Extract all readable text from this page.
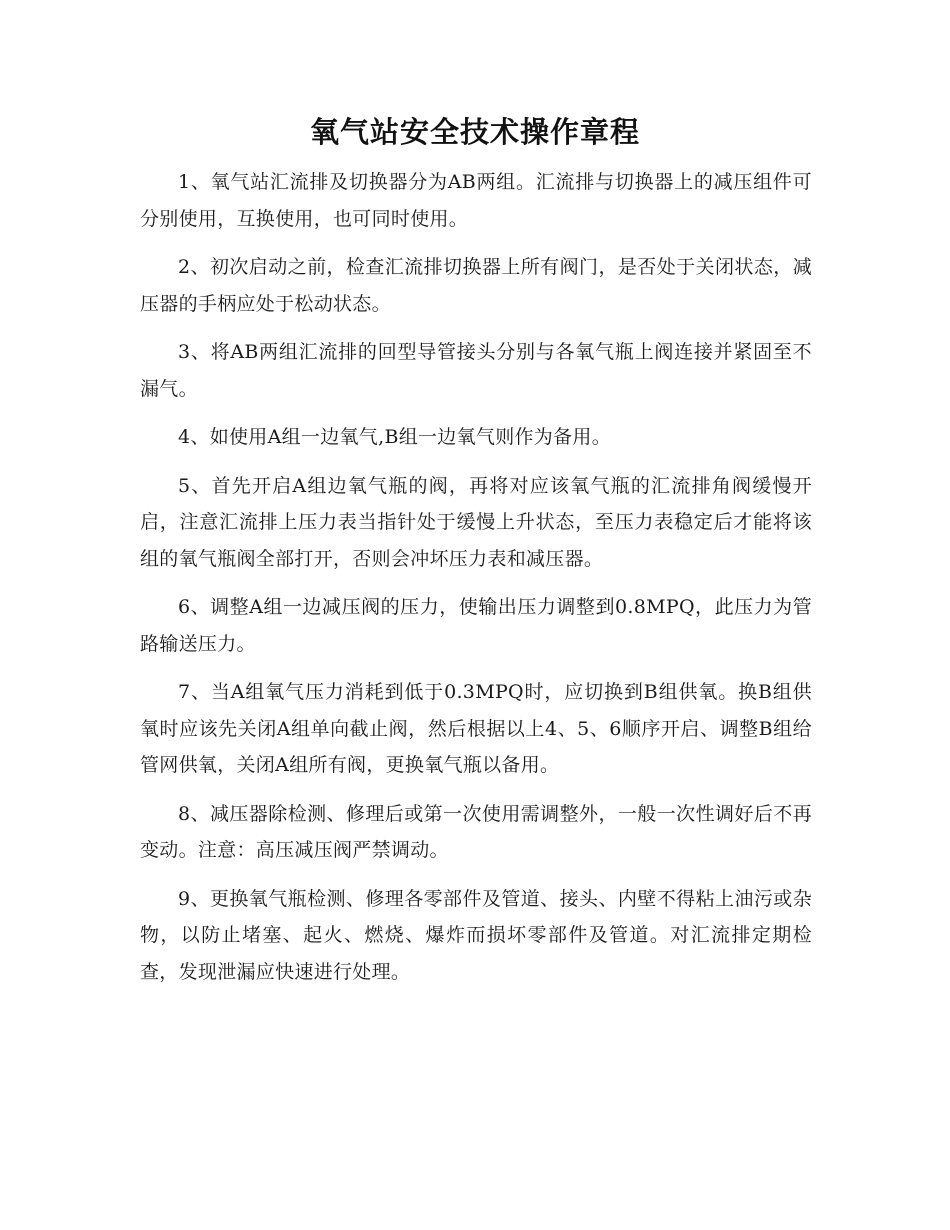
氧气站安全技术操作章程

1、氧气站汇流排及切换器分为AB两组。汇流排与切换器上的减压组件可分别使用，互换使用，也可同时使用。

2、初次启动之前，检查汇流排切换器上所有阀门，是否处于关闭状态，减压器的手柄应处于松动状态。

3、将AB两组汇流排的回型导管接头分别与各氧气瓶上阀连接并紧固至不漏气。

4、如使用A组一边氧气,B组一边氧气则作为备用。

5、首先开启A组边氧气瓶的阀，再将对应该氧气瓶的汇流排角阀缓慢开启，注意汇流排上压力表当指针处于缓慢上升状态，至压力表稳定后才能将该组的氧气瓶阀全部打开，否则会冲坏压力表和减压器。

6、调整A组一边减压阀的压力，使输出压力调整到0.8MPQ，此压力为管路输送压力。

7、当A组氧气压力消耗到低于0.3MPQ时，应切换到B组供氧。换B组供氧时应该先关闭A组单向截止阀，然后根据以上4、5、6顺序开启、调整B组给管网供氧，关闭A组所有阀，更换氧气瓶以备用。

8、减压器除检测、修理后或第一次使用需调整外，一般一次性调好后不再变动。注意：高压减压阀严禁调动。

9、更换氧气瓶检测、修理各零部件及管道、接头、内壁不得粘上油污或杂物，以防止堵塞、起火、燃烧、爆炸而损坏零部件及管道。对汇流排定期检查，发现泄漏应快速进行处理。
